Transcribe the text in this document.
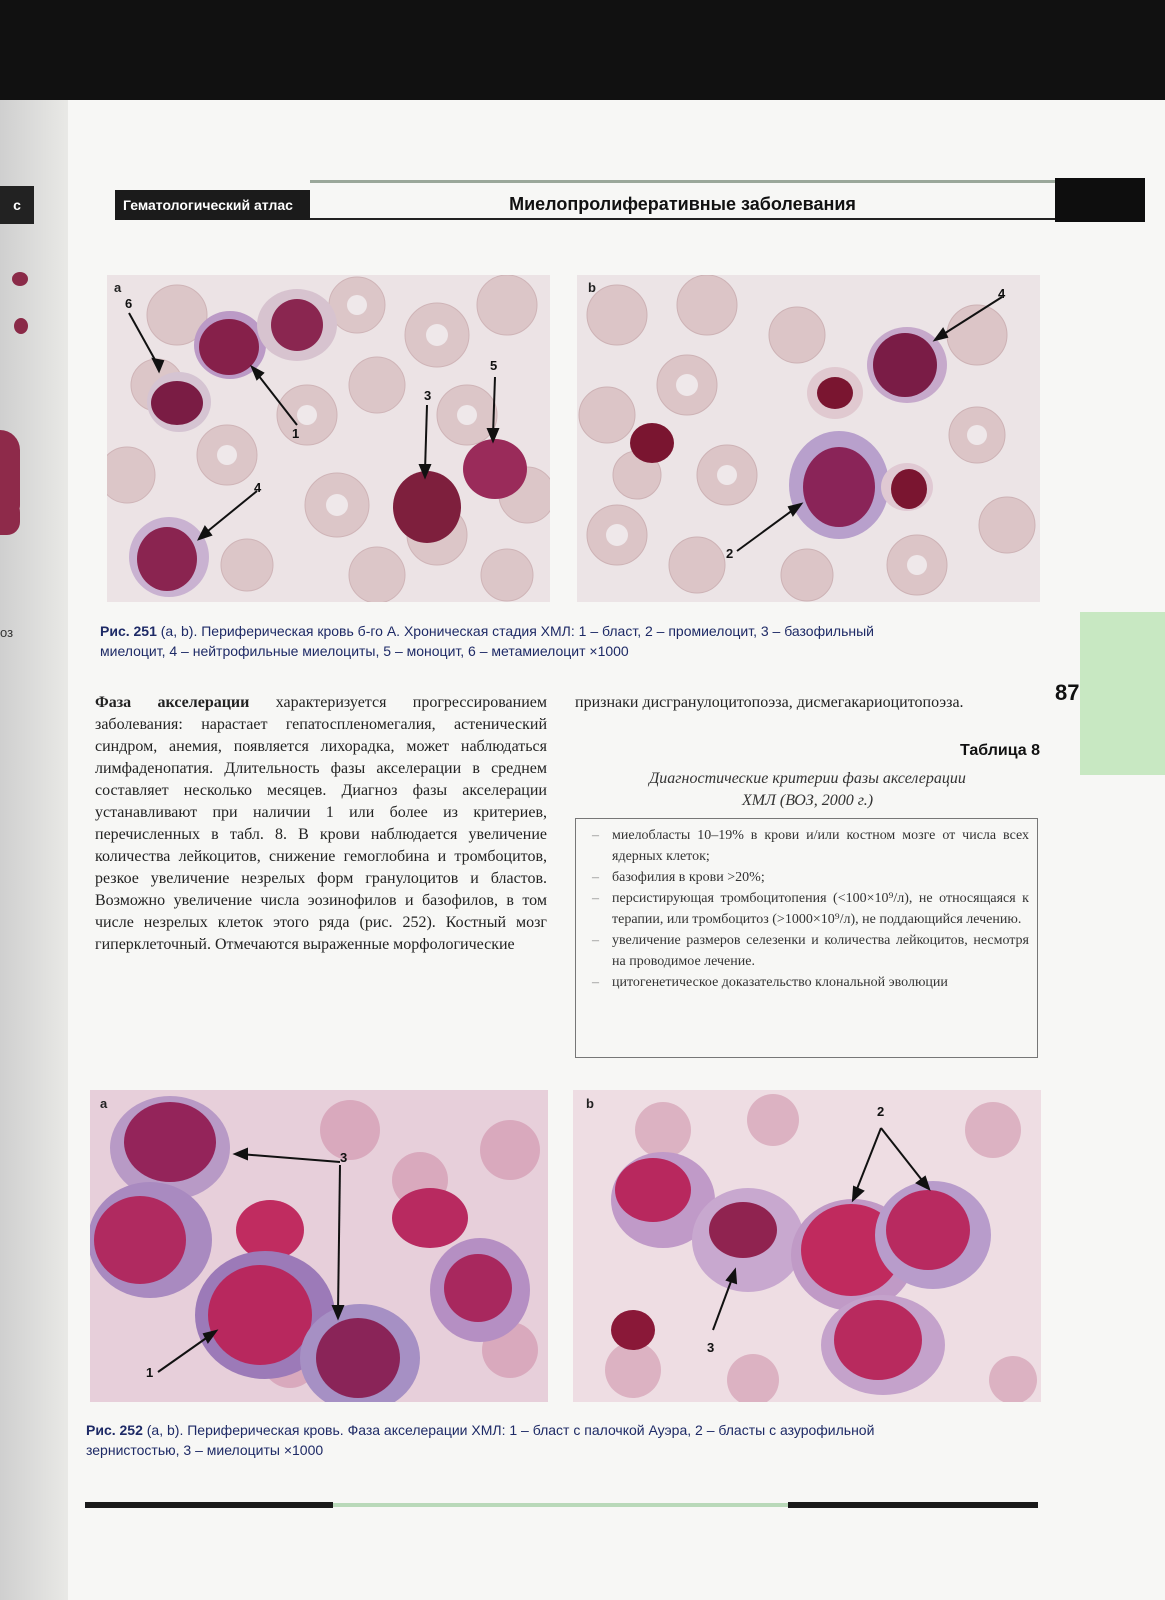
с
оз
Гематологический атлас	Миелопролиферативные заболевания
87
a
6
1
3
5
4
b	4
2
Рис. 251 (a, b). Периферическая кровь б-го А. Хроническая стадия ХМЛ: 1 – бласт, 2 – промиелоцит, 3 – базофильный
миелоцит, 4 – нейтрофильные миелоциты, 5 – моноцит, 6 – метамиелоцит ×1000
Фаза акселерации характеризуется прогрессированием заболевания: нарастает гепатоспленомегалия, астенический синдром, анемия, появляется лихорадка, может наблюдаться лимфаденопатия. Длительность фазы акселерации в среднем составляет несколько месяцев. Диагноз фазы акселерации устанавливают при наличии 1 или более из критериев, перечисленных в табл. 8. В крови наблюдается увеличение количества лейкоцитов, снижение гемоглобина и тромбоцитов, резкое увеличение незрелых форм гранулоцитов и бластов. Возможно увеличение числа эозинофилов и базофилов, в том числе незрелых клеток этого ряда (рис. 252). Костный мозг гиперклеточный. Отмечаются выраженные морфологические
признаки дисгранулоцитопоэза, дисмегакариоцитопоэза.
Таблица 8
Диагностические критерии фазы акселерации
ХМЛ (ВОЗ, 2000 г.)
– миелобласты 10–19% в крови и/или костном мозге от числа всех ядерных клеток;
– базофилия в крови >20%;
– персистирующая тромбоцитопения (<100×10⁹/л), не относящаяся к терапии, или тромбоцитоз (>1000×10⁹/л), не поддающийся лечению.
– увеличение размеров селезенки и количества лейкоцитов, несмотря на проводимое лечение.
– цитогенетическое доказательство клональной эволюции
a
3
1
b
2
3
Рис. 252 (a, b). Периферическая кровь. Фаза акселерации ХМЛ: 1 – бласт с палочкой Ауэра, 2 – бласты с азурофильной
зернистостью, 3 – миелоциты ×1000
